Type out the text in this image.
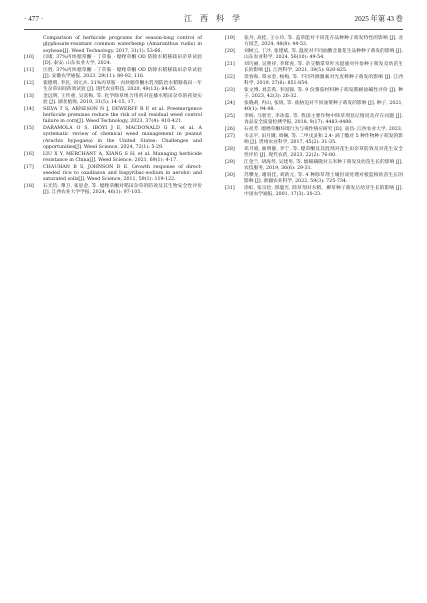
· 477 ·	江 西 科 学	2025 年第 43 卷
Comparison of herbicide programs for season-long control of glyphosate-resistant common waterhemp (Amaranthus rudis) in soybean[J]. Weed Technology, 2017, 31(1): 53-66.
[10] 闫康. 37%丙炔噁草酮 · 丁草胺 · 噁唑草酮 OD 防除水稻移栽田杂草试验 [D]. 泰安: 山东农业大学, 2024.
[11] 汪胜. 37%丙炔噁草酮 · 丁草胺 · 噁唑草酮 OD 防除水稻移栽田杂草试验 [J]. 安徽农学通报, 2023, 29(11): 89-92, 116.
[12] 裴德明, 李民, 刘元兵. 31%丙草胺 · 丙炔噁草酮水乳剂防治水稻移栽田一年生杂草田间药效试验 [J]. 现代农业科技, 2020, 49(13): 84-85.
[13] 金远明, 王传重, 吴富梅, 等. 化学除草组合用药对直播水稻田杂草的药效实验 [J]. 湖北植保, 2019, 31(5): 14-15, 17.
[14] SILVA T S, ARNESON N J, DEWERFF R P, et al. Preemergence herbicide premixes reduce the risk of soil residual weed control failure in corn[J]. Weed Technology, 2023, 37(4): 410-421.
[15] DARAMOLA O S, IBOYI J E, MACDONALD G E, et al. A systematic review of chemical weed management in peanut (Arachis hypogaea) in the United States: Challenges and opportunities[J]. Weed Science, 2024, 72(1): 5-29.
[16] LIU X Y, MERCHANT A, XIANG S H, et al. Managing herbicide resistance in China[J]. Weed Science, 2021, 69(1): 4-17.
[17] CHAUHAN B S, JOHNSON D E. Growth response of direct-seeded rice to oxadiazon and bispyribac-sodium in aerobic and saturated soils[J]. Weed Science, 2011, 59(1): 119-122.
[18] 石光钧, 肇卫, 张思金, 等. 噁唑草酮对稻田杂草的防效及其生物安全性评价 [J]. 江西农业大学学报, 2024, 46(1): 97-105.
[19] 张丹, 高桂, 王小玲, 等. 盖草能对不同花卉品种种子萌发特性的影响 [J]. 北方园艺, 2024, 48(8): 44-53.
[20] 刘树云, 丁沙, 张建斌, 等. 温度对不同油酸含量花生品种种子萌发的影响 [J]. 山东农业科学, 2024, 56(10): 49-54.
[21] 刘巧丽, 吴照祥, 李辉虎, 等. 杂交糖掌草叶水提液对丹参种子萌发及幼苗生长的影响 [J]. 江西科学, 2021, 39(5): 820-825.
[22] 余春和, 覃永金, 杨梅, 等. 不同外源激素对光皮桦种子萌发的影响 [J]. 江西科学, 2019, 37(6): 851-854.
[23] 张文博, 刘芸希, 李国锦, 等. 9 份番茄材料种子萌发期耐盐碱性评价 [J]. 种子, 2023, 42(3): 26-32.
[24] 张晓莉, 冉山, 张锐, 等. 盐胁迫对不同油菜种子萌发的影响 [J]. 种子, 2021, 40(1): 94-98.
[25] 李杨, 马智宏, 李冰茹, 等. 我国主要作物中除草剂登记情况及存在问题 [J]. 食品安全质量检测学报, 2018, 9(17): 4483-4488.
[26] 石亮芳. 噁唑草酮环境行为与毒性响应研究 [D]. 南昌: 江西农业大学, 2023.
[27] 韦志平, 田月娥, 周娴, 等. 二甲戊灵和 2,4- 滴丁酯对 5 种作物种子萌发的影响 [J]. 贵州农业科学, 2017, 45(2): 31-35.
[28] 邓月娟, 曲明静, 李宁, 等. 噁草酮及其混剂对花生田杂草防效及对花生安全性评价 [J]. 现代农药, 2023, 22(2): 76-80.
[29] 江金兰, 胡海琴, 吴建男, 等. 烟嘧磺隆对玉米种子萌发及幼苗生长的影响 [J]. 农技服务, 2019, 36(6): 29-31.
[30] 苏攀龙, 谢羽佳, 刘新元, 等. 4 种除草剂土壤封闭处理对板蓝根幼苗生长的影响 [J]. 新疆农业科学, 2022, 59(3): 725-734.
[31] 徐虹, 张宗俭, 郭龍光. 除草剂对水稻、柳草种子萌发后幼芽生长的影响 [J]. 中国农学通报, 2001, 17(3): 20-23.
